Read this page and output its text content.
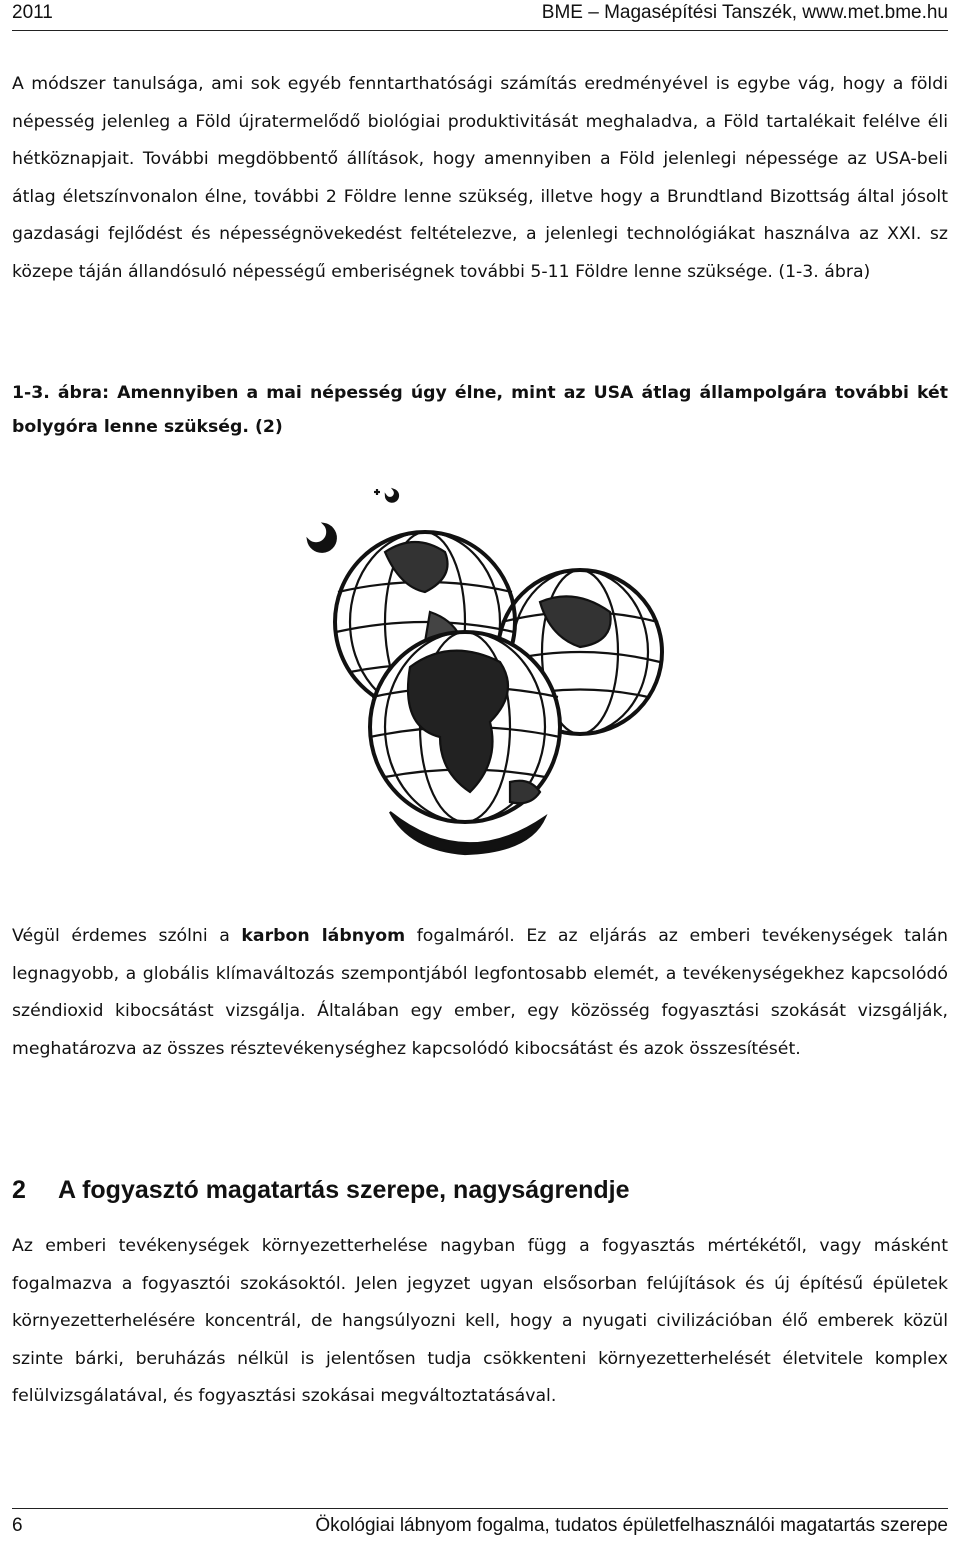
2011	BME – Magasépítési Tanszék, www.met.bme.hu

A módszer tanulsága, ami sok egyéb fenntarthatósági számítás eredményével is egybe vág, hogy a földi népesség jelenleg a Föld újratermelődő biológiai produktivitását meghaladva, a Föld tartalékait felélve éli hétköznapjait. További megdöbbentő állítások, hogy amennyiben a Föld jelenlegi népessége az USA-beli átlag életszínvonalon élne, további 2 Földre lenne szükség, illetve hogy a Brundtland Bizottság által jósolt gazdasági fejlődést és népességnövekedést feltételezve, a jelenlegi technológiákat használva az XXI. sz közepe táján állandósuló népességű emberiségnek további 5-11 Földre lenne szüksége. (1-3. ábra)

1-3. ábra: Amennyiben a mai népesség úgy élne, mint az USA átlag állampolgára további két bolygóra lenne szükség. (2)

Végül érdemes szólni a karbon lábnyom fogalmáról. Ez az eljárás az emberi tevékenységek talán legnagyobb, a globális klímaváltozás szempontjából legfontosabb elemét, a tevékenységekhez kapcsolódó széndioxid kibocsátást vizsgálja. Általában egy ember, egy közösség fogyasztási szokását vizsgálják, meghatározva az összes résztevékenységhez kapcsolódó kibocsátást és azok összesítését.

2 A fogyasztó magatartás szerepe, nagyságrendje

Az emberi tevékenységek környezetterhelése nagyban függ a fogyasztás mértékétől, vagy másként fogalmazva a fogyasztói szokásoktól. Jelen jegyzet ugyan elsősorban felújítások és új építésű épületek környezetterhelésére koncentrál, de hangsúlyozni kell, hogy a nyugati civilizációban élő emberek közül szinte bárki, beruházás nélkül is jelentősen tudja csökkenteni környezetterhelését életvitele komplex felülvizsgálatával, és fogyasztási szokásai megváltoztatásával.

6	Ökológiai lábnyom fogalma, tudatos épületfelhasználói magatartás szerepe
